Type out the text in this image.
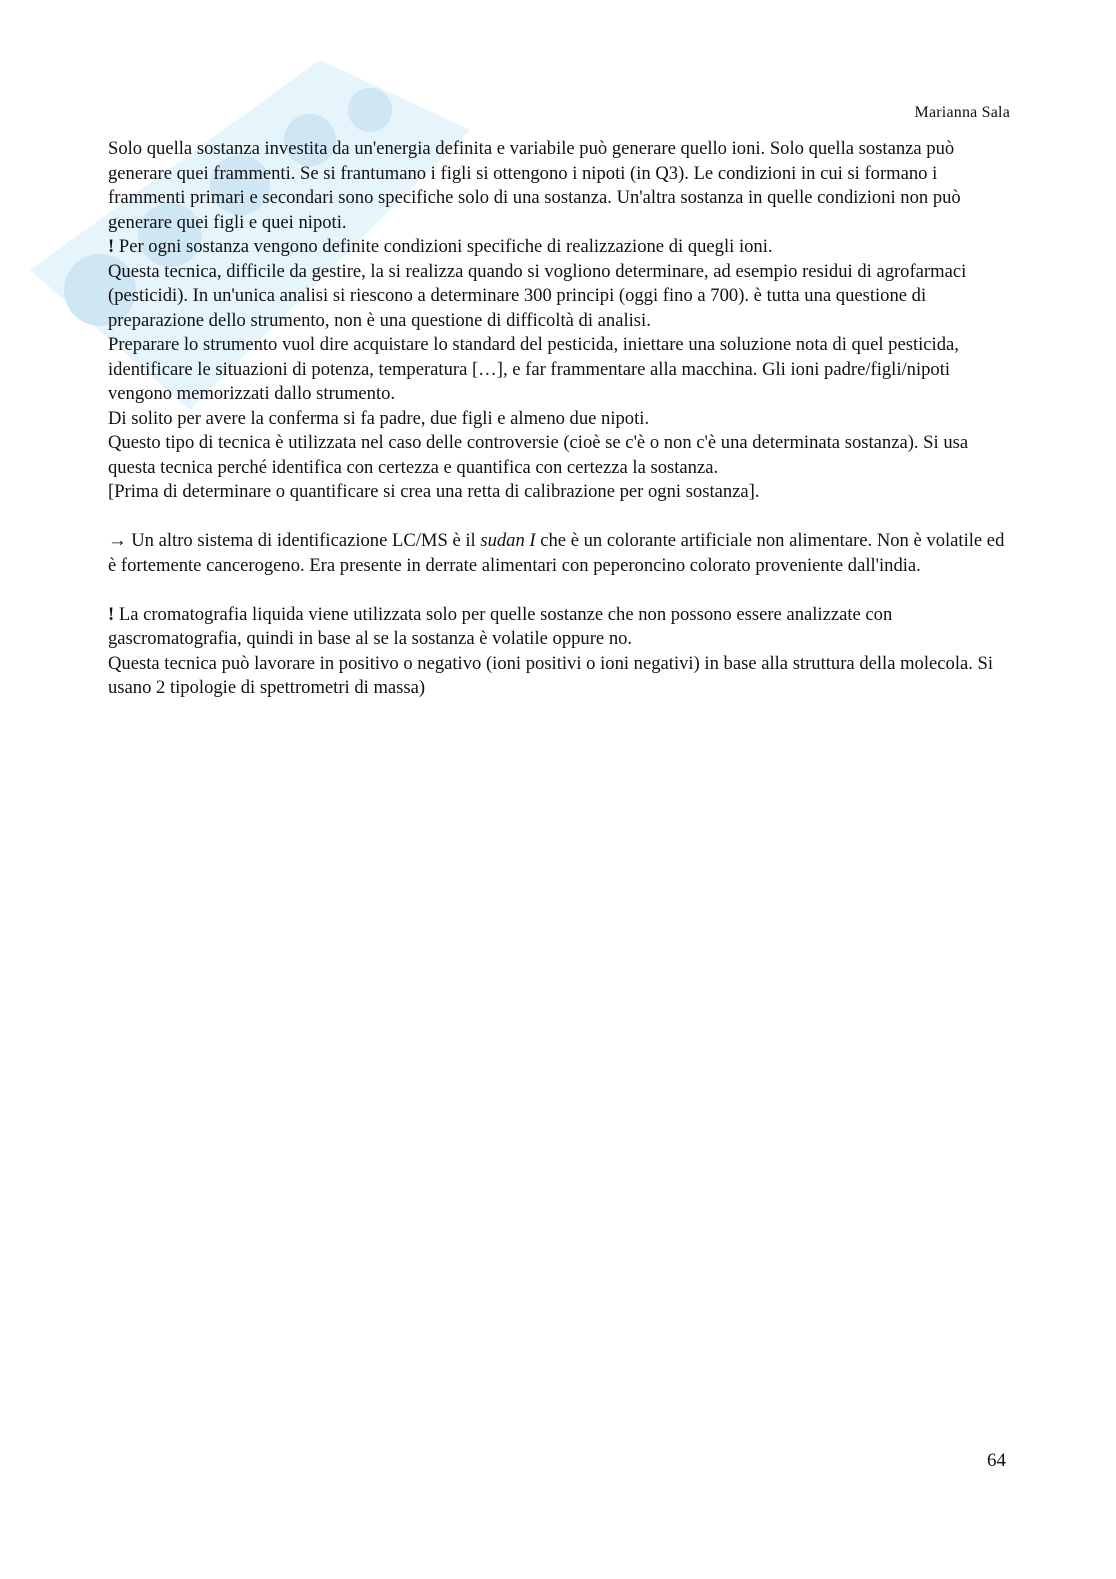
Marianna Sala

Solo quella sostanza investita da un'energia definita e variabile può generare quello ioni. Solo quella sostanza può generare quei frammenti. Se si frantumano i figli si ottengono i nipoti (in Q3). Le condizioni in cui si formano i frammenti primari e secondari sono specifiche solo di una sostanza. Un'altra sostanza in quelle condizioni non può generare quei figli e quei nipoti.

! Per ogni sostanza vengono definite condizioni specifiche di realizzazione di quegli ioni.

Questa tecnica, difficile da gestire, la si realizza quando si vogliono determinare, ad esempio residui di agrofarmaci (pesticidi). In un'unica analisi si riescono a determinare 300 principi (oggi fino a 700). è tutta una questione di preparazione dello strumento, non è una questione di difficoltà di analisi.

Preparare lo strumento vuol dire acquistare lo standard del pesticida, iniettare una soluzione nota di quel pesticida, identificare le situazioni di potenza, temperatura […], e far frammentare alla macchina. Gli ioni padre/figli/nipoti vengono memorizzati dallo strumento.

Di solito per avere la conferma si fa padre, due figli e almeno due nipoti.

Questo tipo di tecnica è utilizzata nel caso delle controversie (cioè se c'è o non c'è una determinata sostanza). Si usa questa tecnica perché identifica con certezza e quantifica con certezza la sostanza.

[Prima di determinare o quantificare si crea una retta di calibrazione per ogni sostanza].

→ Un altro sistema di identificazione LC/MS è il sudan I che è un colorante artificiale non alimentare. Non è volatile ed è fortemente cancerogeno. Era presente in derrate alimentari con peperoncino colorato proveniente dall'india.

! La cromatografia liquida viene utilizzata solo per quelle sostanze che non possono essere analizzate con gascromatografia, quindi in base al se la sostanza è volatile oppure no.

Questa tecnica può lavorare in positivo o negativo (ioni positivi o ioni negativi) in base alla struttura della molecola. Si usano 2 tipologie di spettrometri di massa)

64
